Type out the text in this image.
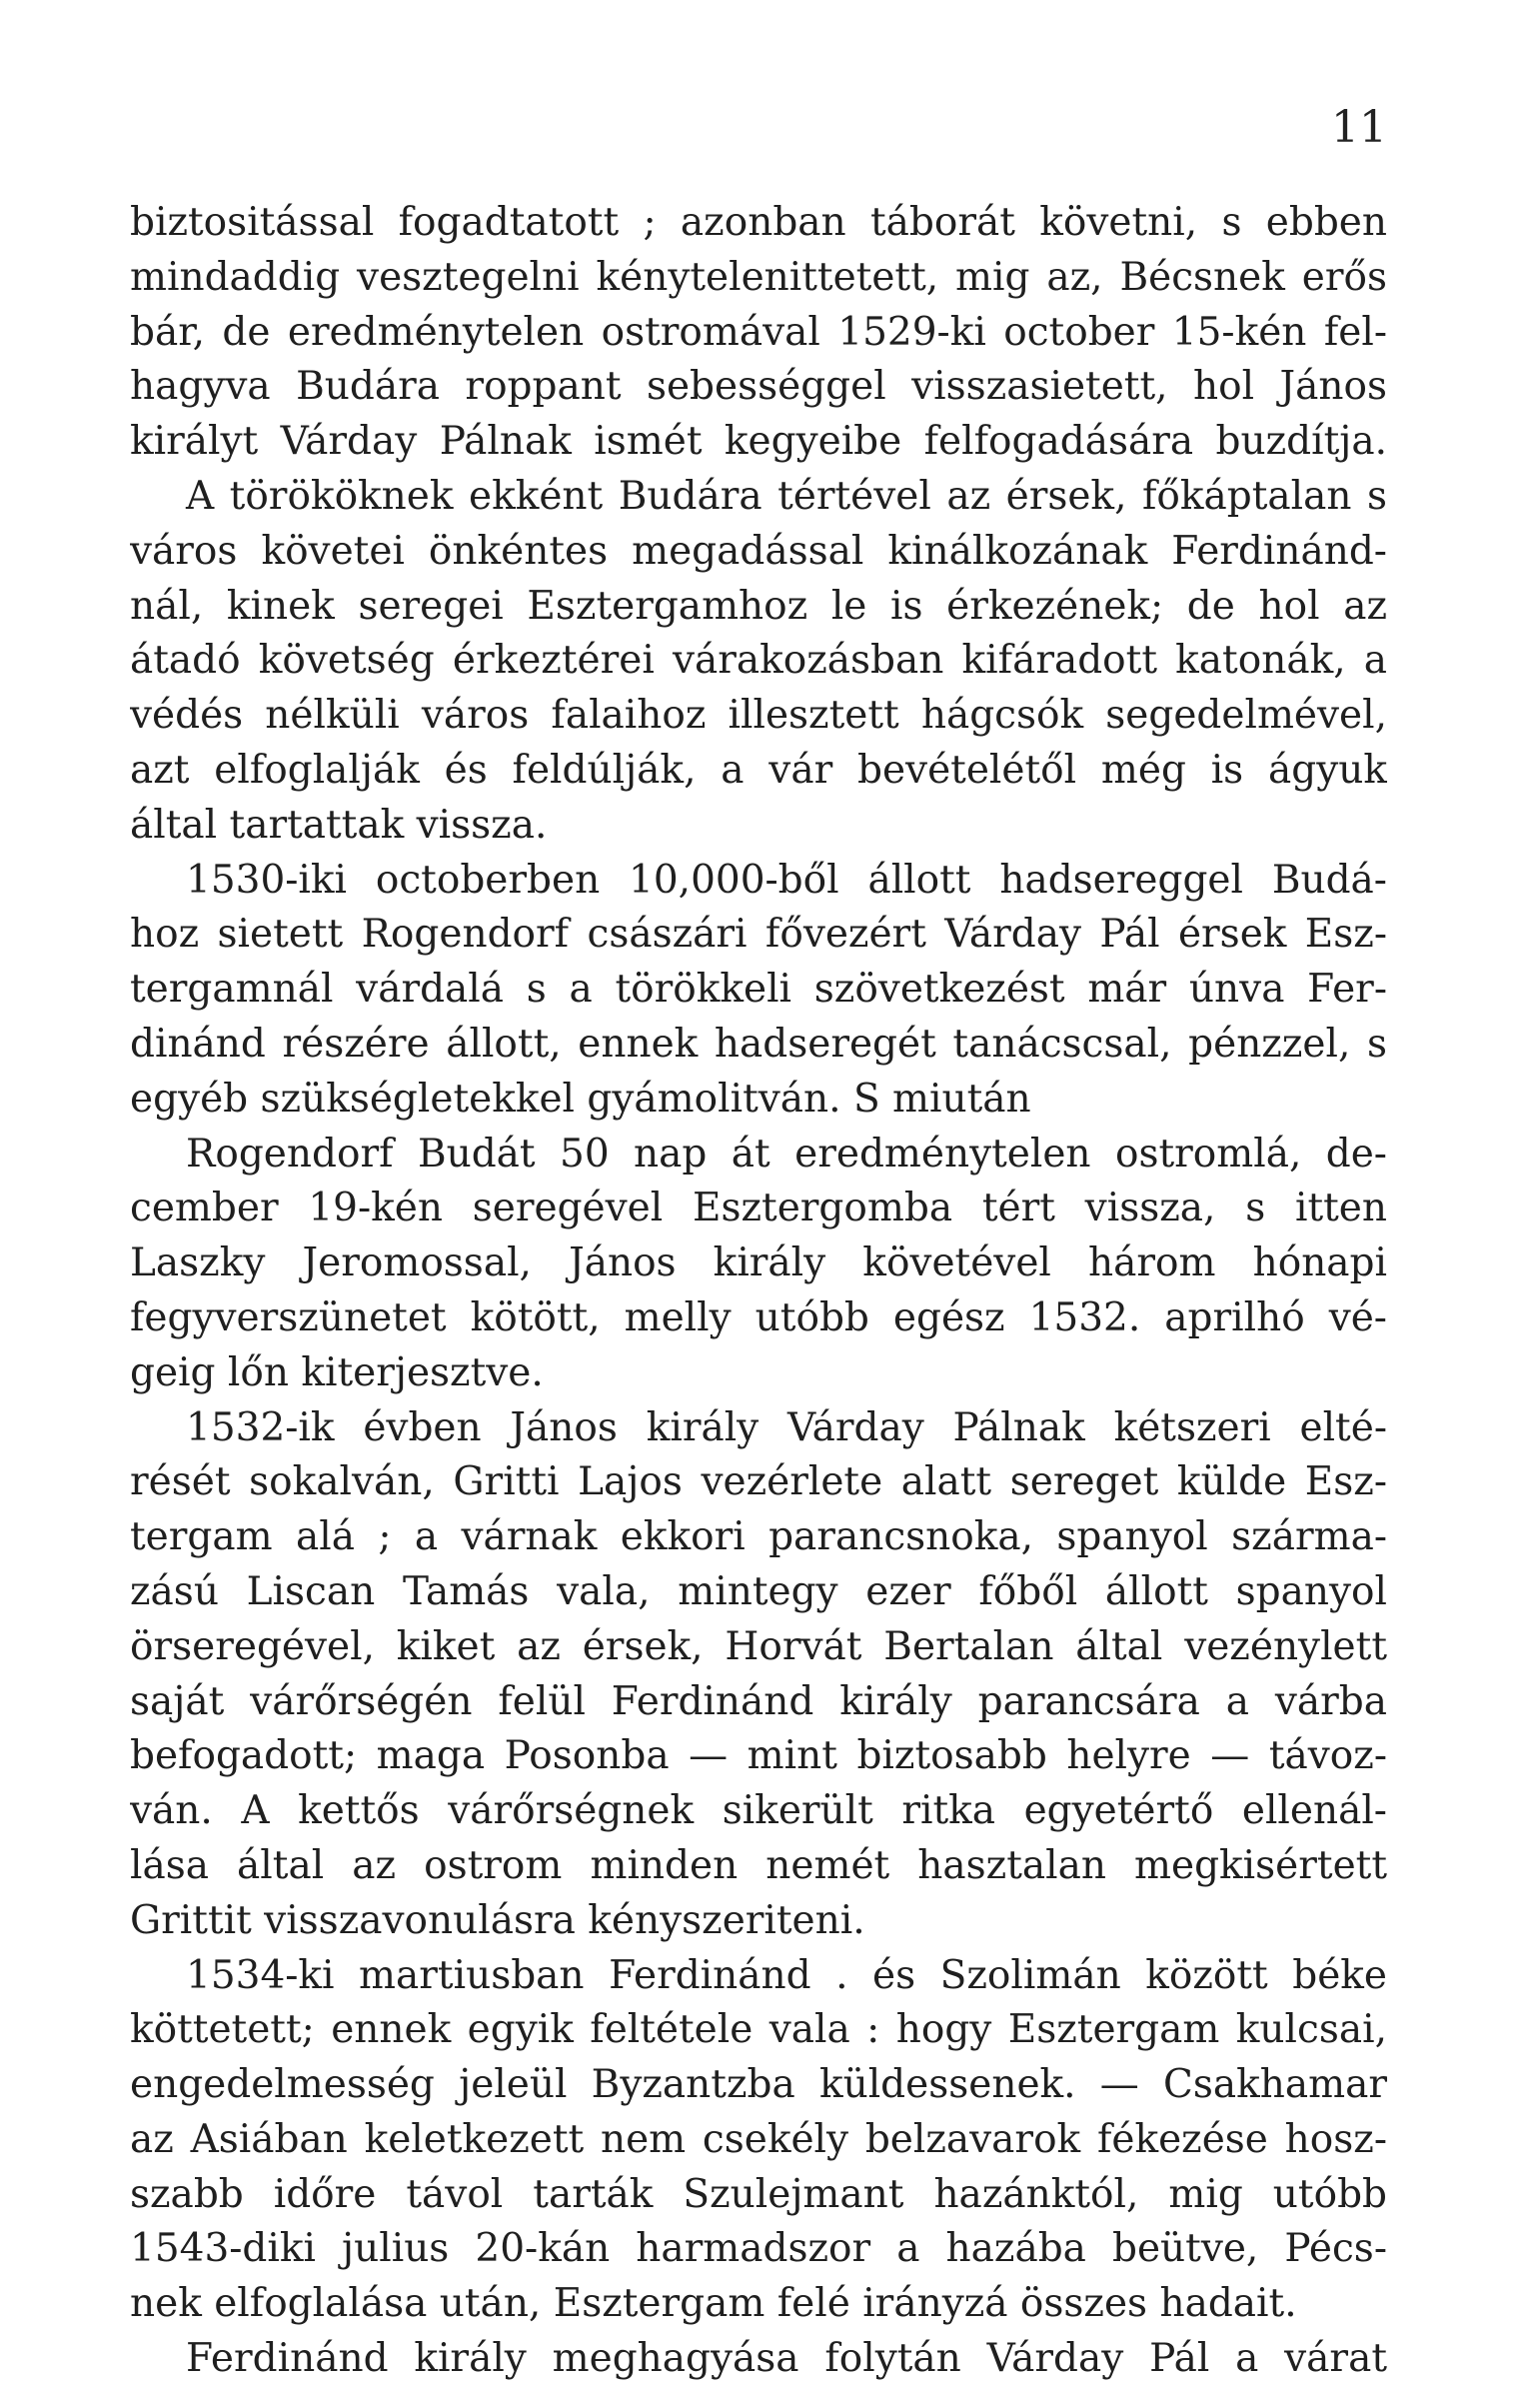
11
biztositással fogadtatott ; azonban táborát követni, s ebben
mindaddig vesztegelni kénytelenittetett, mig az, Bécsnek erős
bár, de eredménytelen ostromával 1529-ki october 15-kén fel-
hagyva Budára roppant sebességgel visszasietett, hol János
királyt Várday Pálnak ismét kegyeibe felfogadására buzdítja.
A törököknek ekként Budára tértével az érsek, főkáptalan s
város követei önkéntes megadással kinálkozának Ferdinánd-
nál, kinek seregei Esztergamhoz le is érkezének; de hol az
átadó követség érkeztérei várakozásban kifáradott katonák, a
védés nélküli város falaihoz illesztett hágcsók segedelmével,
azt elfoglalják és feldúlják, a vár bevételétől még is ágyuk
által tartattak vissza.
1530-iki octoberben 10,000-ből állott hadsereggel Budá-
hoz sietett Rogendorf császári fővezért Várday Pál érsek Esz-
tergamnál várdalá s a törökkeli szövetkezést már únva Fer-
dinánd részére állott, ennek hadseregét tanácscsal, pénzzel, s
egyéb szükségletekkel gyámolitván. S miután
Rogendorf Budát 50 nap át eredménytelen ostromlá, de-
cember 19-kén seregével Esztergomba tért vissza, s itten
Laszky Jeromossal, János király követével három hónapi
fegyverszünetet kötött, melly utóbb egész 1532. aprilhó vé-
geig lőn kiterjesztve.
1532-ik évben János király Várday Pálnak kétszeri elté-
rését sokalván, Gritti Lajos vezérlete alatt sereget külde Esz-
tergam alá ; a várnak ekkori parancsnoka, spanyol szárma-
zású Liscan Tamás vala, mintegy ezer főből állott spanyol
örseregével, kiket az érsek, Horvát Bertalan által vezénylett
saját várőrségén felül Ferdinánd király parancsára a várba
befogadott; maga Posonba — mint biztosabb helyre — távoz-
ván. A kettős várőrségnek sikerült ritka egyetértő ellenál-
lása által az ostrom minden nemét hasztalan megkisértett
Grittit visszavonulásra kényszeriteni.
1534-ki martiusban Ferdinánd . és Szolimán között béke
köttetett; ennek egyik feltétele vala : hogy Esztergam kulcsai,
engedelmesség jeleül Byzantzba küldessenek. — Csakhamar
az Asiában keletkezett nem csekély belzavarok fékezése hosz-
szabb időre távol tarták Szulejmant hazánktól, mig utóbb
1543-diki julius 20-kán harmadszor a hazába beütve, Pécs-
nek elfoglalása után, Esztergam felé irányzá összes hadait.
Ferdinánd király meghagyása folytán Várday Pál a várat
